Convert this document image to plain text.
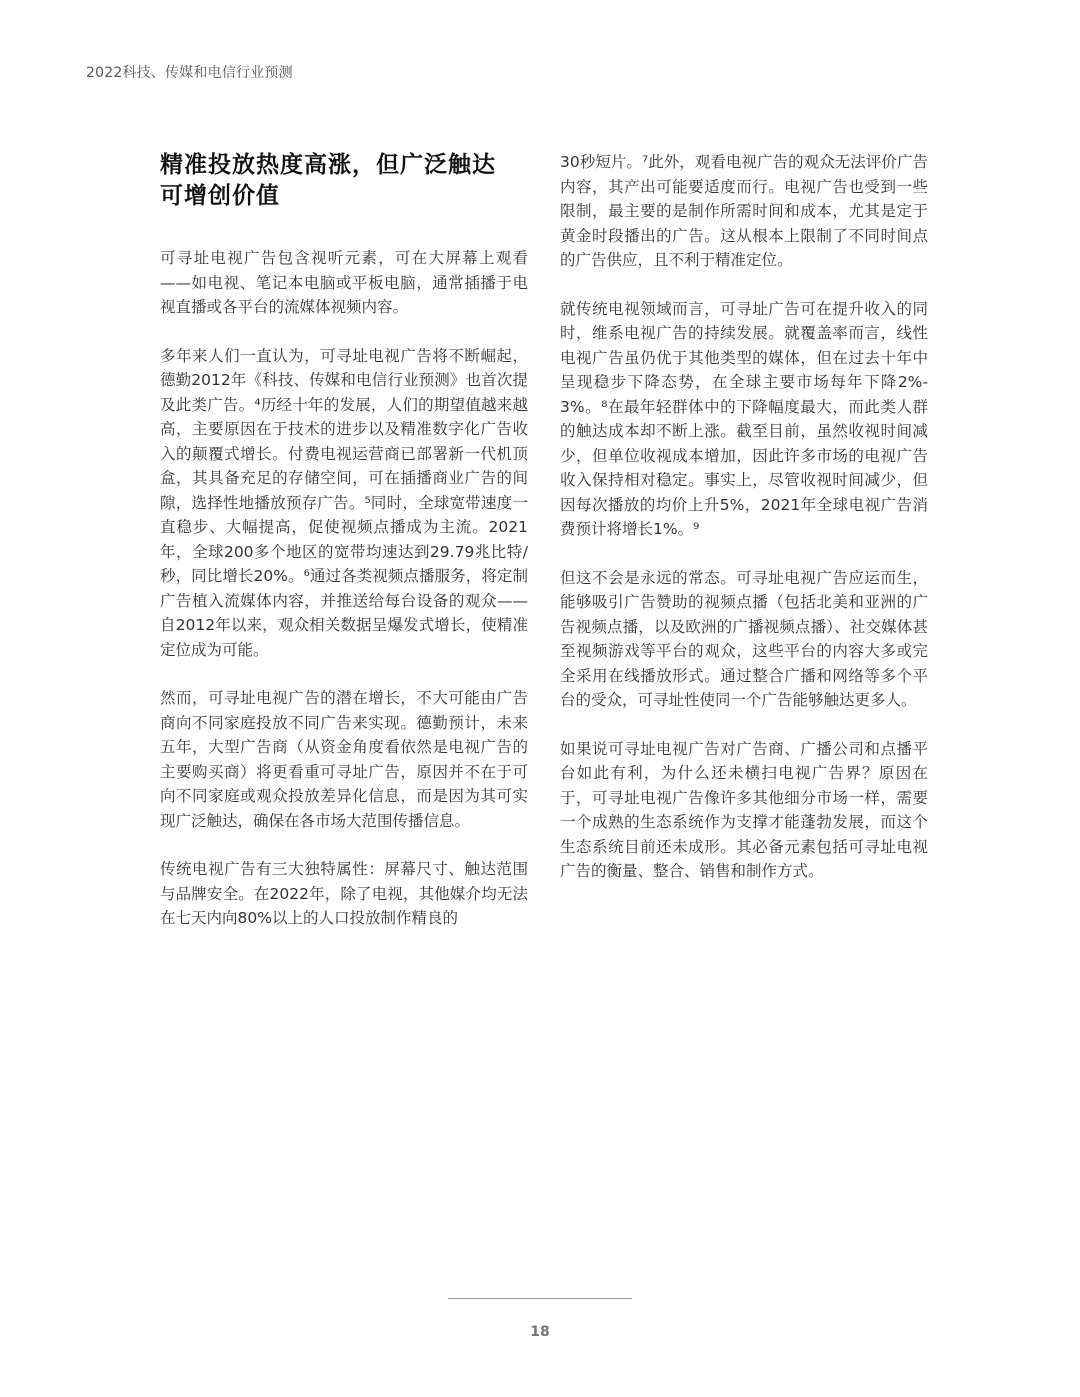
2022科技、传媒和电信行业预测
精准投放热度高涨，但广泛触达
可增创价值

可寻址电视广告包含视听元素，可在大屏幕上观看——如电视、笔记本电脑或平板电脑，通常插播于电视直播或各平台的流媒体视频内容。

多年来人们一直认为，可寻址电视广告将不断崛起，德勤2012年《科技、传媒和电信行业预测》也首次提及此类广告。⁴历经十年的发展，人们的期望值越来越高，主要原因在于技术的进步以及精准数字化广告收入的颠覆式增长。付费电视运营商已部署新一代机顶盒，其具备充足的存储空间，可在插播商业广告的间隙，选择性地播放预存广告。⁵同时，全球宽带速度一直稳步、大幅提高，促使视频点播成为主流。2021年，全球200多个地区的宽带均速达到29.79兆比特/秒，同比增长20%。⁶通过各类视频点播服务，将定制广告植入流媒体内容，并推送给每台设备的观众——自2012年以来，观众相关数据呈爆发式增长，使精准定位成为可能。

然而，可寻址电视广告的潜在增长，不大可能由广告商向不同家庭投放不同广告来实现。德勤预计，未来五年，大型广告商（从资金角度看依然是电视广告的主要购买商）将更看重可寻址广告，原因并不在于可向不同家庭或观众投放差异化信息，而是因为其可实现广泛触达，确保在各市场大范围传播信息。

传统电视广告有三大独特属性：屏幕尺寸、触达范围与品牌安全。在2022年，除了电视，其他媒介均无法在七天内向80%以上的人口投放制作精良的

30秒短片。⁷此外，观看电视广告的观众无法评价广告内容，其产出可能要适度而行。电视广告也受到一些限制，最主要的是制作所需时间和成本，尤其是定于黄金时段播出的广告。这从根本上限制了不同时间点的广告供应，且不利于精准定位。

就传统电视领域而言，可寻址广告可在提升收入的同时，维系电视广告的持续发展。就覆盖率而言，线性电视广告虽仍优于其他类型的媒体，但在过去十年中呈现稳步下降态势，在全球主要市场每年下降2%-3%。⁸在最年轻群体中的下降幅度最大，而此类人群的触达成本却不断上涨。截至目前，虽然收视时间减少，但单位收视成本增加，因此许多市场的电视广告收入保持相对稳定。事实上，尽管收视时间减少，但因每次播放的均价上升5%，2021年全球电视广告消费预计将增长1%。⁹

但这不会是永远的常态。可寻址电视广告应运而生，能够吸引广告赞助的视频点播（包括北美和亚洲的广告视频点播，以及欧洲的广播视频点播）、社交媒体甚至视频游戏等平台的观众，这些平台的内容大多或完全采用在线播放形式。通过整合广播和网络等多个平台的受众，可寻址性使同一个广告能够触达更多人。

如果说可寻址电视广告对广告商、广播公司和点播平台如此有利，为什么还未横扫电视广告界？原因在于，可寻址电视广告像许多其他细分市场一样，需要一个成熟的生态系统作为支撑才能蓬勃发展，而这个生态系统目前还未成形。其必备元素包括可寻址电视广告的衡量、整合、销售和制作方式。

18
